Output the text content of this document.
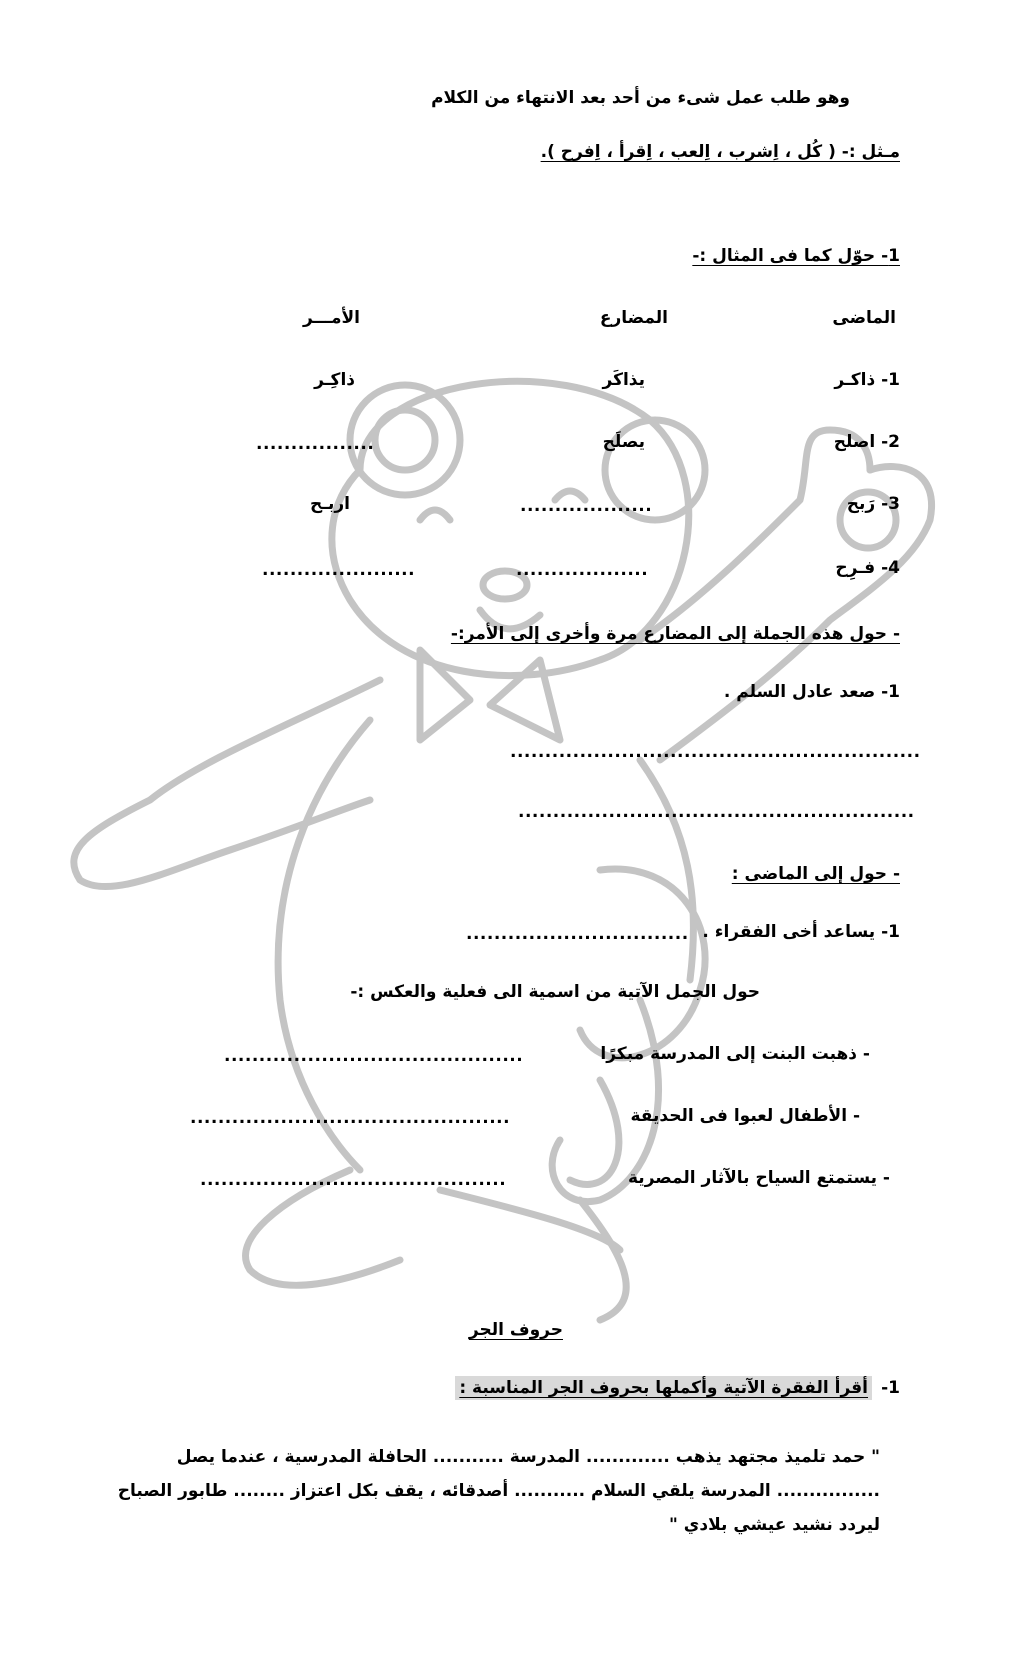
وهو طلب عمل شىء من أحد بعد الانتهاء من الكلام
مـثل :- ( كُل ، اِشرب ، اِلعب ، اِقرأ ، اِفرح ).
1- حوّل كما فى المثال :-
الماضى
المضارع
الأمـــر
1- ذاكـر
يذاكَر
ذاكِـر
2- اصلح
يصلَح
.................
3- رَبح
...................
اربـح
4- فـرِح
...................
......................
- حول هذه الجملة إلى المضارع مرة وأخرى إلى الأمر:-
1- صعد عادل السلم .
...........................................................
.........................................................
- حول إلى الماضى :
1- يساعد أخى الفقراء .
................................
حول الجمل الآتية من اسمية الى فعلية والعكس :-
- ذهبت البنت إلى المدرسة مبكرًا
...........................................
- الأطفال لعبوا فى الحديقة
..............................................
- يستمتع السياح بالآثار المصرية
............................................
حروف الجر
1-
أقرأ الفقرة الآتية وأكملها بحروف الجر المناسبة :
" حمد تلميذ مجتهد يذهب ............. المدرسة ........... الحافلة المدرسية ، عندما يصل ................ المدرسة يلقي السلام ........... أصدقائه ، يقف بكل اعتزاز ........ طابور الصباح ليردد نشيد عيشي بلادي "
